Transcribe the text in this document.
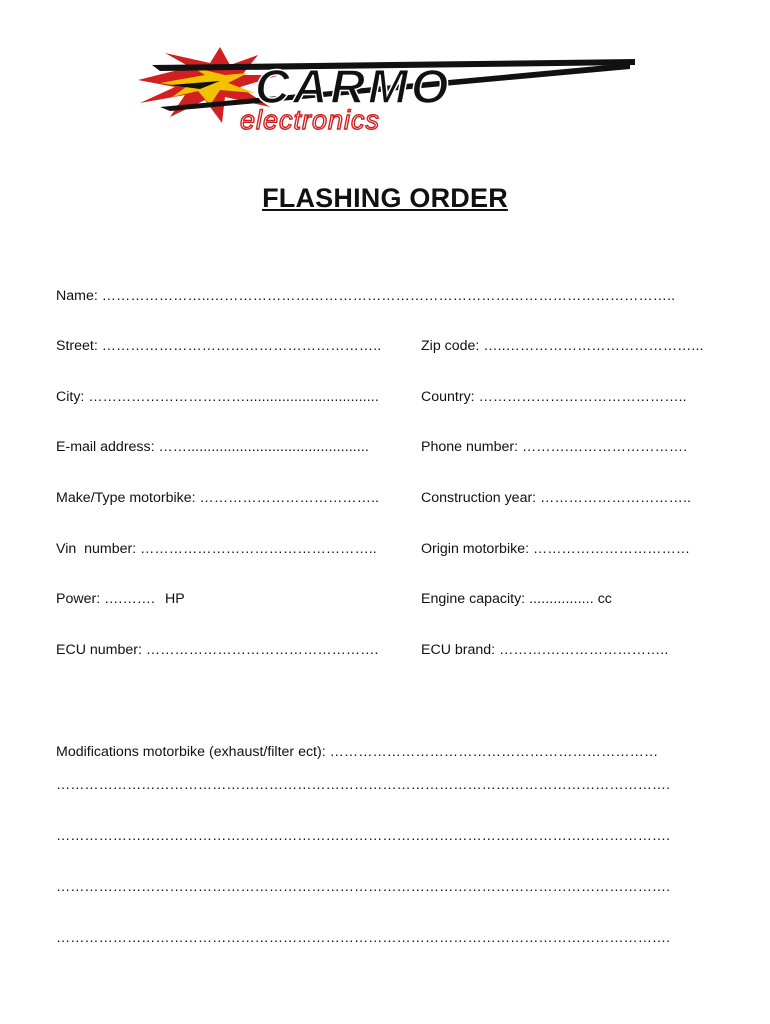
CARMO
electronics
FLASHING ORDER
Name: …………………..……………………………………………………………………………………..
Street: …………………………………………………..	Zip code: …..…………………………………...
City: …………………………….................................	Country: ……………………………………..
E-mail address: …….............................................	Phone number: ……….…………………….
Make/Type motorbike: ………………………………..	Construction year: …………………………..
Vin  number: …………………………………………..	Origin motorbike: ……………………………
Power: ….……. HP	Engine capacity: ................ cc
ECU number: ………………………………………….	ECU brand: ……….……………………..
Modifications motorbike (exhaust/filter ect): ……………………………………………………………
………………………………………………………………………………………………………………….
………………………………………………………………………………………………………………….
………………………………………………………………………………………………………………….
………………………………………………………………………………………………………………….
